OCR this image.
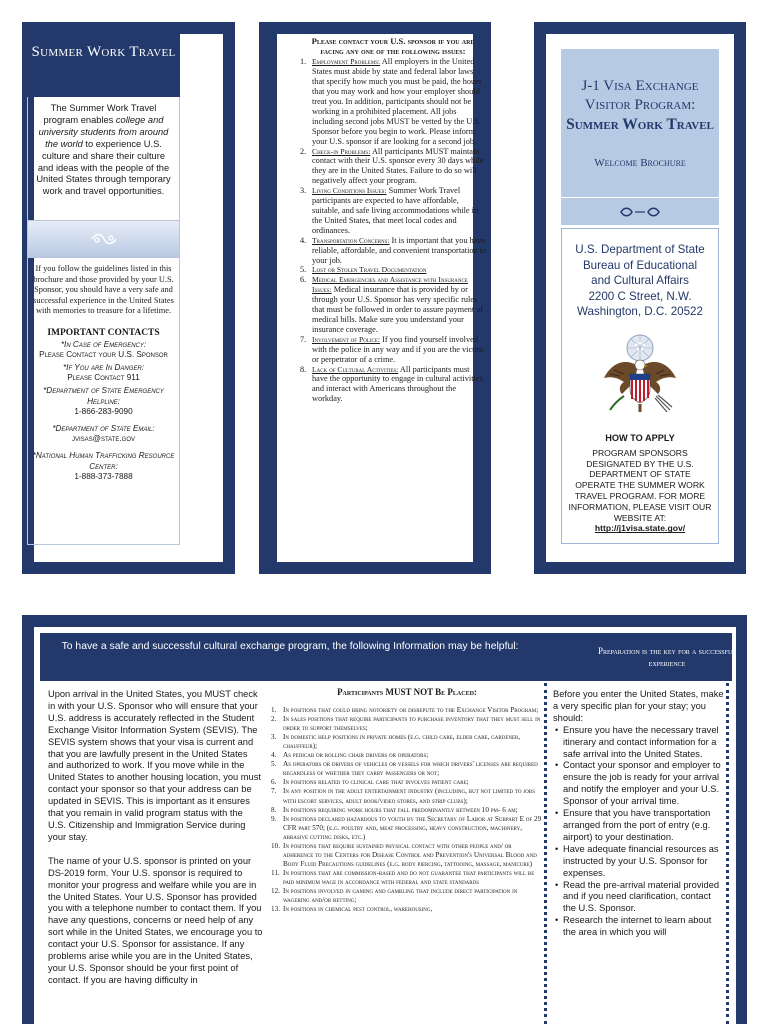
Summer Work Travel
The Summer Work Travel program enables college and university students from around the world to experience U.S. culture and share their culture and ideas with the people of the United States through temporary work and travel opportunities.
If you follow the guidelines listed in this brochure and those provided by your U.S. Sponsor, you should have a very safe and successful experience in the United States with memories to treasure for a lifetime.
IMPORTANT CONTACTS
*In Case of Emergency:
Please Contact your U.S. Sponsor
*If You are In Danger:
Please Contact 911
*Department of State Emergency Helpline:
1-866-283-9090
*Department of State Email:
jvisas@state.gov
*National Human Trafficking Resource Center:
1-888-373-7888
Please contact your U.S. sponsor if you are facing any one of the following issues:
1. Employment Problems: All employers in the United States must abide by state and federal labor laws that specify how much you must be paid, the hours that you may work and how your employer should treat you. In addition, participants should not be working in a prohibited placement. All jobs including second jobs MUST be vetted by the U.S. Sponsor before you begin to work. Please inform your U.S. sponsor if are looking for a second job.
2. Check-in Problems: All participants MUST maintain contact with their U.S. sponsor every 30 days while they are in the United States. Failure to do so will negatively affect your program.
3. Living Conditions Issues: Summer Work Travel participants are expected to have affordable, suitable, and safe living accommodations while in the United States, that meet local codes and ordinances.
4. Transportation Concerns: It is important that you have reliable, affordable, and convenient transportation to your job.
5. Lost or Stolen Travel Documentation
6. Medical Emergencies and Assistance with Insurance Issues: Medical insurance that is provided by or through your U.S. Sponsor has very specific rules that must be followed in order to assure payment of medical bills. Make sure you understand your insurance coverage.
7. Involvement of Police: If you find yourself involved with the police in any way and if you are the victim or perpetrator of a crime.
8. Lack of Cultural Activities: All participants must have the opportunity to engage in cultural activities and interact with Americans throughout the workday.
J-1 Visa Exchange
Visitor Program:
Summer Work Travel
Welcome Brochure
U.S. Department of State
Bureau of Educational
and Cultural Affairs
2200 C Street, N.W.
Washington, D.C. 20522
HOW TO APPLY
PROGRAM SPONSORS DESIGNATED BY THE U.S. DEPARTMENT OF STATE OPERATE THE SUMMER WORK TRAVEL PROGRAM. FOR MORE INFORMATION, PLEASE VISIT OUR WEBSITE AT:
http://j1visa.state.gov/
To have a safe and successful cultural exchange program, the following Information may be helpful:	Preparation is the key for a successful experience

Upon arrival in the United States, you MUST check in with your U.S. Sponsor who will ensure that your U.S. address is accurately reflected in the Student Exchange Visitor Information System (SEVIS). The SEVIS system shows that your visa is current and that you are lawfully present in the United States and authorized to work. If you move while in the United States to another housing location, you must contact your sponsor so that your address can be updated in SEVIS. This is important as it ensures that you remain in valid program status with the U.S. Citizenship and Immigration Service during your stay.

The name of your U.S. sponsor is printed on your DS-2019 form. Your U.S. sponsor is required to monitor your progress and welfare while you are in the United States. Your U.S. Sponsor has provided you with a telephone number to contact them. If you have any questions, concerns or need help of any sort while in the United States, we encourage you to contact your U.S. Sponsor for assistance. If any problems arise while you are in the United States, your U.S. Sponsor should be your first point of contact. If you are having difficulty in

Participants MUST NOT Be Placed:
1. In positions that could bring notoriety or disrepute to the Exchange Visitor Program;
2. In sales positions that require participants to purchase inventory that they must sell in order to support themselves;
3. In domestic help positions in private homes (e.g. child care, elder care, gardener, chauffeur);
4. As pedicab or rolling chair drivers or operators;
5. As operators or drivers of vehicles or vessels for which drivers' licenses are required regardless of whether they carry passengers or not;
6. In positions related to clinical care that involves patient care;
7. In any position in the adult entertainment industry (including, but not limited to jobs with escort services, adult book/video stores, and strip clubs);
8. In positions requiring work hours that fall predominantly between 10 pm- 6 am;
9. In positions declared hazardous to youth by the Secretary of Labor at Subpart E of 29 CFR part 570; (e.g. poultry and, meat processing, heavy construction, machinery, abrasive cutting disks, etc.)
10. In positions that require sustained physical contact with other people and/ or adherence to the Centers for Disease Control and Prevention's Universal Blood and Body Fluid Precautions guidelines (e.g. body piercing, tattooing, massage, manicure)
11. In positions that are commission-based and do not guarantee that participants will be paid minimum wage in accordance with federal and state standards
12. In positions involved in gaming and gambling that include direct participation in wagering and/or betting;
13. In positions in chemical pest control, warehousing,
Before you enter the United States, make a very specific plan for your stay; you should:
• Ensure you have the necessary travel itinerary and contact information for a safe arrival into the United States.
• Contact your sponsor and employer to ensure the job is ready for your arrival and notify the employer and your U.S. Sponsor of your arrival time.
• Ensure that you have transportation arranged from the port of entry (e.g. airport) to your destination.
• Have adequate financial resources as instructed by your U.S. Sponsor for expenses.
• Read the pre-arrival material provided and if you need clarification, contact the U.S. Sponsor.
• Research the internet to learn about the area in which you will
